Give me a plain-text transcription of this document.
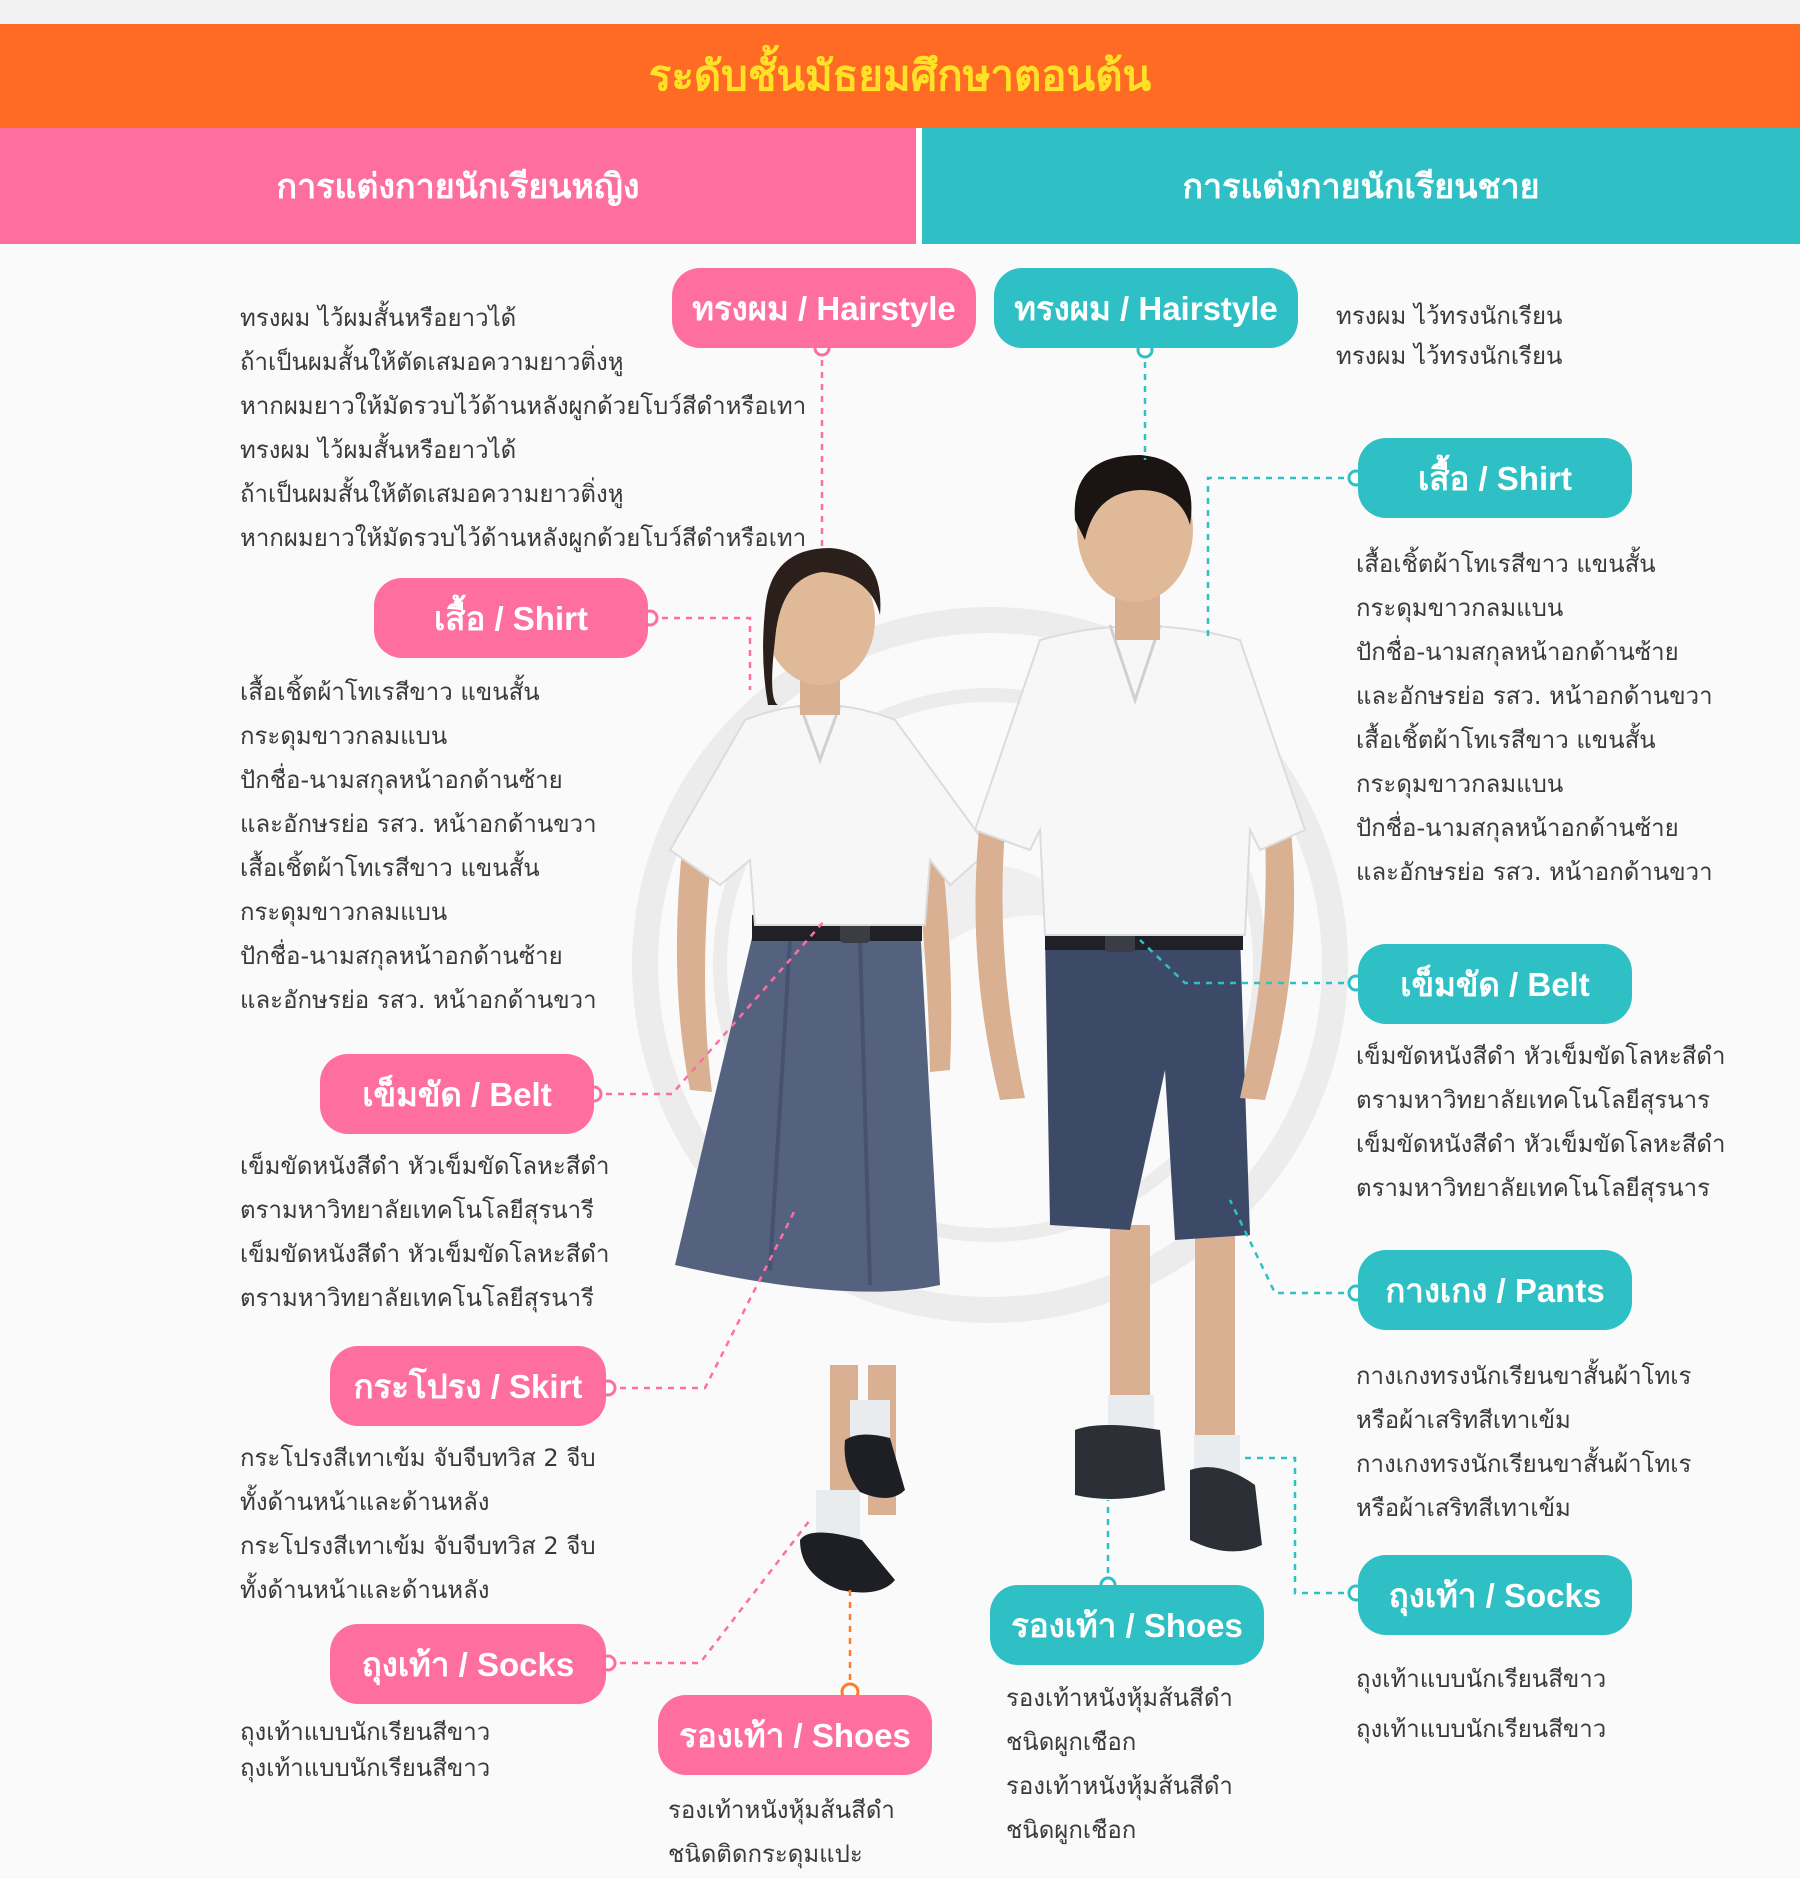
ระดับชั้นมัธยมศึกษาตอนต้น
การแต่งกายนักเรียนหญิง	การแต่งกายนักเรียนชาย
ทรงผม / Hairstyle
เสื้อ / Shirt
เข็มขัด / Belt
กระโปรง / Skirt
ถุงเท้า / Socks
รองเท้า / Shoes
ทรงผม / Hairstyle
เสื้อ / Shirt
เข็มขัด / Belt
กางเกง / Pants
ถุงเท้า / Socks
รองเท้า / Shoes
ทรงผม ไว้ผมสั้นหรือยาวได้
ถ้าเป็นผมสั้นให้ตัดเสมอความยาวติ่งหู
หากผมยาวให้มัดรวบไว้ด้านหลังผูกด้วยโบว์สีดำหรือเทา
ทรงผม ไว้ผมสั้นหรือยาวได้
ถ้าเป็นผมสั้นให้ตัดเสมอความยาวติ่งหู
หากผมยาวให้มัดรวบไว้ด้านหลังผูกด้วยโบว์สีดำหรือเทา
เสื้อเชิ้ตผ้าโทเรสีขาว แขนสั้น
กระดุมขาวกลมแบน
ปักชื่อ-นามสกุลหน้าอกด้านซ้าย
และอักษรย่อ รสว. หน้าอกด้านขวา
เสื้อเชิ้ตผ้าโทเรสีขาว แขนสั้น
กระดุมขาวกลมแบน
ปักชื่อ-นามสกุลหน้าอกด้านซ้าย
และอักษรย่อ รสว. หน้าอกด้านขวา
เข็มขัดหนังสีดำ หัวเข็มขัดโลหะสีดำ
ตรามหาวิทยาลัยเทคโนโลยีสุรนารี
เข็มขัดหนังสีดำ หัวเข็มขัดโลหะสีดำ
ตรามหาวิทยาลัยเทคโนโลยีสุรนารี
กระโปรงสีเทาเข้ม จับจีบทวิส 2 จีบ
ทั้งด้านหน้าและด้านหลัง
กระโปรงสีเทาเข้ม จับจีบทวิส 2 จีบ
ทั้งด้านหน้าและด้านหลัง
ถุงเท้าแบบนักเรียนสีขาว
ถุงเท้าแบบนักเรียนสีขาว
รองเท้าหนังหุ้มส้นสีดำ
ชนิดติดกระดุมแปะ
ทรงผม ไว้ทรงนักเรียน
ทรงผม ไว้ทรงนักเรียน
เสื้อเชิ้ตผ้าโทเรสีขาว แขนสั้น
กระดุมขาวกลมแบน
ปักชื่อ-นามสกุลหน้าอกด้านซ้าย
และอักษรย่อ รสว. หน้าอกด้านขวา
เสื้อเชิ้ตผ้าโทเรสีขาว แขนสั้น
กระดุมขาวกลมแบน
ปักชื่อ-นามสกุลหน้าอกด้านซ้าย
และอักษรย่อ รสว. หน้าอกด้านขวา
เข็มขัดหนังสีดำ หัวเข็มขัดโลหะสีดำ
ตรามหาวิทยาลัยเทคโนโลยีสุรนาร
เข็มขัดหนังสีดำ หัวเข็มขัดโลหะสีดำ
ตรามหาวิทยาลัยเทคโนโลยีสุรนาร
กางเกงทรงนักเรียนขาสั้นผ้าโทเร
หรือผ้าเสริทสีเทาเข้ม
กางเกงทรงนักเรียนขาสั้นผ้าโทเร
หรือผ้าเสริทสีเทาเข้ม
ถุงเท้าแบบนักเรียนสีขาว
ถุงเท้าแบบนักเรียนสีขาว
รองเท้าหนังหุ้มส้นสีดำ
ชนิดผูกเชือก
รองเท้าหนังหุ้มส้นสีดำ
ชนิดผูกเชือก
